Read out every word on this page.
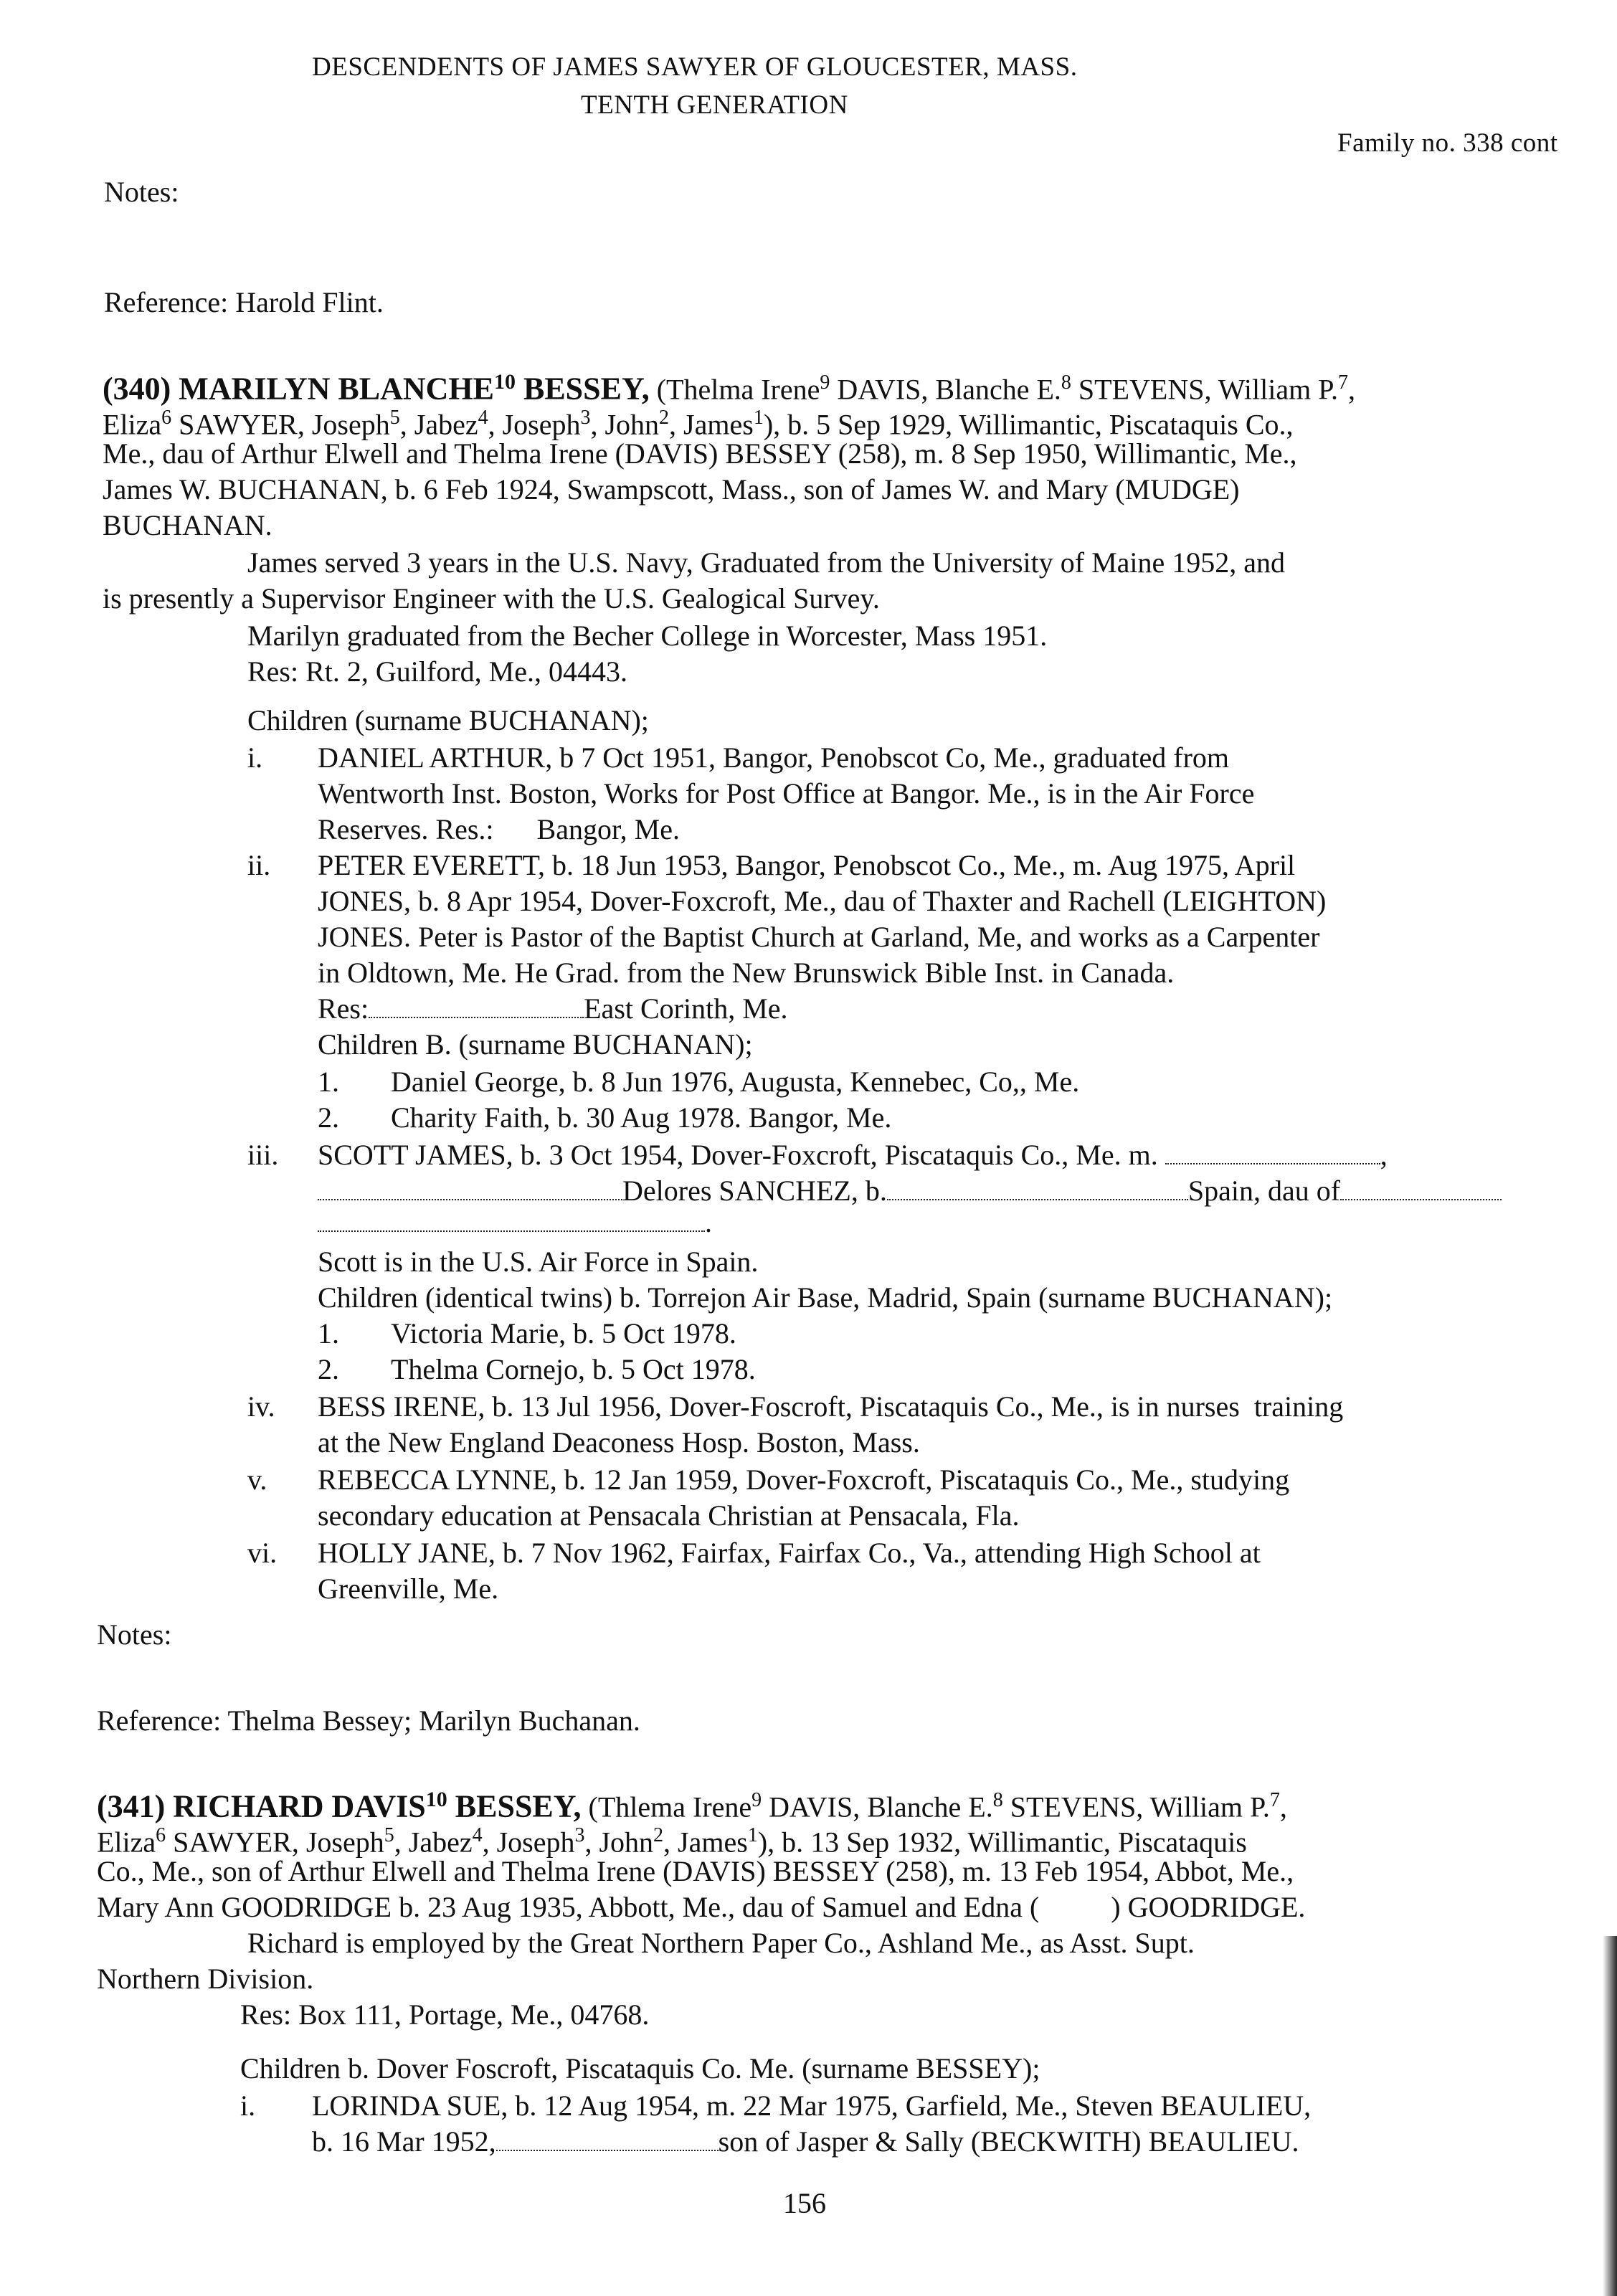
DESCENDENTS OF JAMES SAWYER OF GLOUCESTER, MASS.
TENTH GENERATION
Family no. 338 cont
Notes:
Reference: Harold Flint.
(340) MARILYN BLANCHE$^{10}$ BESSEY, (Thelma Irene$^9$ DAVIS, Blanche E.$^8$ STEVENS, William P.$^7$,
Eliza$^6$ SAWYER, Joseph$^5$, Jabez$^4$, Joseph$^3$, John$^2$, James$^1$), b. 5 Sep 1929, Willimantic, Piscataquis Co.,
Me., dau of Arthur Elwell and Thelma Irene (DAVIS) BESSEY (258), m. 8 Sep 1950, Willimantic, Me.,
James W. BUCHANAN, b. 6 Feb 1924, Swampscott, Mass., son of James W. and Mary (MUDGE)
BUCHANAN.
James served 3 years in the U.S. Navy, Graduated from the University of Maine 1952, and
is presently a Supervisor Engineer with the U.S. Gealogical Survey.
Marilyn graduated from the Becher College in Worcester, Mass 1951.
Res: Rt. 2, Guilford, Me., 04443.
Children (surname BUCHANAN);
i. DANIEL ARTHUR, b 7 Oct 1951, Bangor, Penobscot Co, Me., graduated from
Wentworth Inst. Boston, Works for Post Office at Bangor. Me., is in the Air Force
Reserves. Res.:      Bangor, Me.
ii. PETER EVERETT, b. 18 Jun 1953, Bangor, Penobscot Co., Me., m. Aug 1975, April
JONES, b. 8 Apr 1954, Dover-Foxcroft, Me., dau of Thaxter and Rachell (LEIGHTON)
JONES. Peter is Pastor of the Baptist Church at Garland, Me, and works as a Carpenter
in Oldtown, Me. He Grad. from the New Brunswick Bible Inst. in Canada.
Res:	East Corinth, Me.
Children B. (surname BUCHANAN);
1. Daniel George, b. 8 Jun 1976, Augusta, Kennebec, Co,, Me.
2. Charity Faith, b. 30 Aug 1978. Bangor, Me.
iii. SCOTT JAMES, b. 3 Oct 1954, Dover-Foxcroft, Piscataquis Co., Me. m.	,
Delores SANCHEZ, b.	Spain, dau of
.
Scott is in the U.S. Air Force in Spain.
Children (identical twins) b. Torrejon Air Base, Madrid, Spain (surname BUCHANAN);
1. Victoria Marie, b. 5 Oct 1978.
2. Thelma Cornejo, b. 5 Oct 1978.
iv. BESS IRENE, b. 13 Jul 1956, Dover-Foscroft, Piscataquis Co., Me., is in nurses  training
at the New England Deaconess Hosp. Boston, Mass.
v. REBECCA LYNNE, b. 12 Jan 1959, Dover-Foxcroft, Piscataquis Co., Me., studying
secondary education at Pensacala Christian at Pensacala, Fla.
vi. HOLLY JANE, b. 7 Nov 1962, Fairfax, Fairfax Co., Va., attending High School at
Greenville, Me.
Notes:
Reference: Thelma Bessey; Marilyn Buchanan.
(341) RICHARD DAVIS$^{10}$ BESSEY, (Thlema Irene$^9$ DAVIS, Blanche E.$^8$ STEVENS, William P.$^7$,
Eliza$^6$ SAWYER, Joseph$^5$, Jabez$^4$, Joseph$^3$, John$^2$, James$^1$), b. 13 Sep 1932, Willimantic, Piscataquis
Co., Me., son of Arthur Elwell and Thelma Irene (DAVIS) BESSEY (258), m. 13 Feb 1954, Abbot, Me.,
Mary Ann GOODRIDGE b. 23 Aug 1935, Abbott, Me., dau of Samuel and Edna (          ) GOODRIDGE.
Richard is employed by the Great Northern Paper Co., Ashland Me., as Asst. Supt.
Northern Division.
Res: Box 111, Portage, Me., 04768.
Children b. Dover Foscroft, Piscataquis Co. Me. (surname BESSEY);
i. LORINDA SUE, b. 12 Aug 1954, m. 22 Mar 1975, Garfield, Me., Steven BEAULIEU,
b. 16 Mar 1952,	son of Jasper & Sally (BECKWITH) BEAULIEU.
156
